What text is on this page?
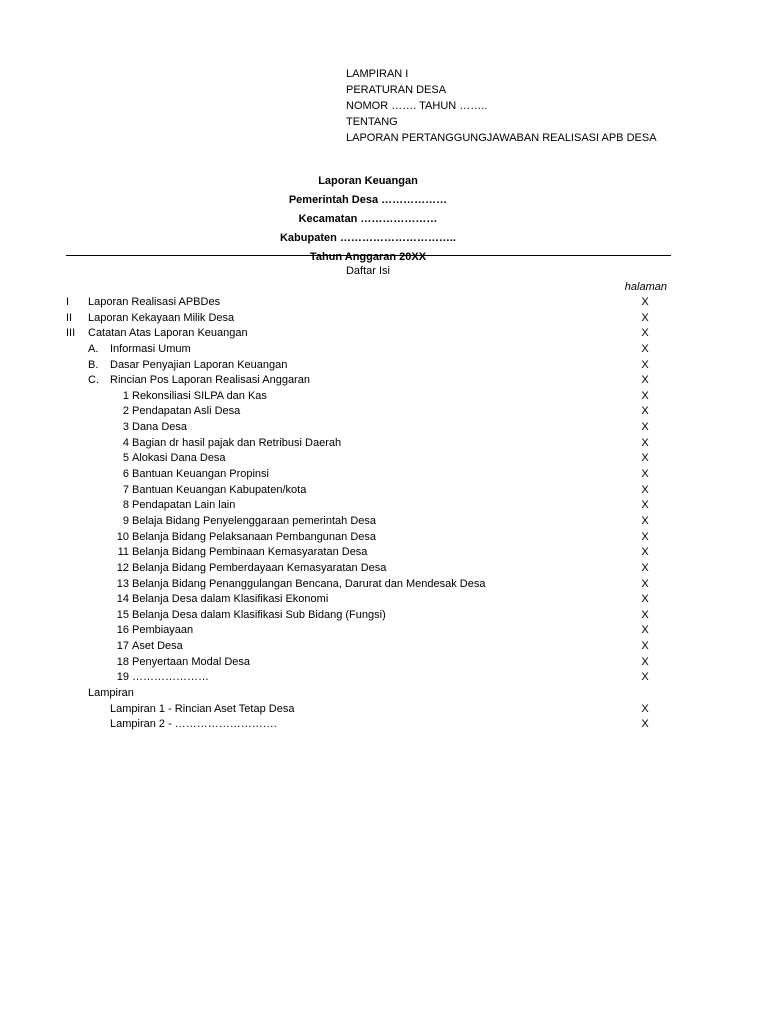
LAMPIRAN I
PERATURAN DESA
NOMOR ……. TAHUN ……..
TENTANG
LAPORAN PERTANGGUNGJAWABAN REALISASI APB DESA
Laporan Keuangan
Pemerintah Desa ………………
Kecamatan …………………
Kabupaten …………………………..
Tahun Anggaran 20XX
Daftar Isi
halaman
I	Laporan Realisasi APBDes	X
II	Laporan Kekayaan Milik Desa	X
III	Catatan Atas Laporan Keuangan	X
A.	Informasi Umum	X
B.	Dasar Penyajian Laporan Keuangan	X
C.	Rincian Pos Laporan Realisasi Anggaran	X
1 Rekonsiliasi SILPA dan Kas	X
2 Pendapatan Asli Desa	X
3 Dana Desa	X
4 Bagian dr hasil pajak dan Retribusi Daerah	X
5 Alokasi Dana Desa	X
6 Bantuan Keuangan Propinsi	X
7 Bantuan Keuangan Kabupaten/kota	X
8 Pendapatan Lain lain	X
9 Belaja Bidang Penyelenggaraan pemerintah Desa	X
10 Belanja Bidang Pelaksanaan Pembangunan Desa	X
11 Belanja Bidang Pembinaan Kemasyaratan Desa	X
12 Belanja Bidang Pemberdayaan Kemasyaratan Desa	X
13 Belanja Bidang Penanggulangan Bencana, Darurat dan Mendesak Desa	X
14 Belanja Desa dalam Klasifikasi Ekonomi	X
15 Belanja Desa dalam Klasifikasi Sub Bidang (Fungsi)	X
16 Pembiayaan	X
17 Aset Desa	X
18 Penyertaan Modal Desa	X
19 …………………	X
Lampiran
Lampiran 1 - Rincian Aset Tetap Desa	X
Lampiran 2 - ……………………….	X
